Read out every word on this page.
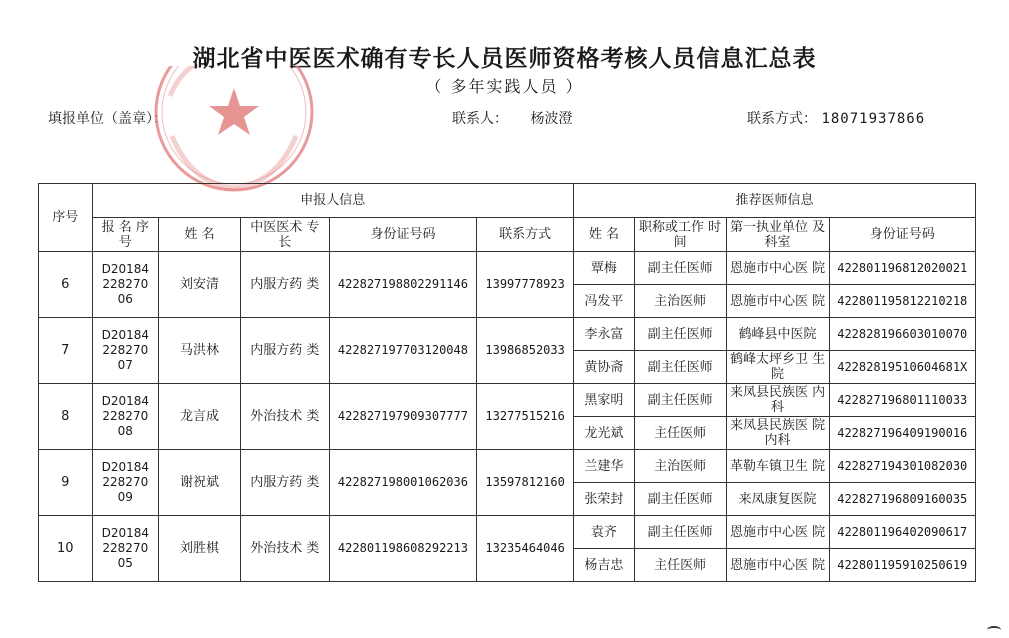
湖北省中医医术确有专长人员医师资格考核人员信息汇总表
（ 多年实践人员 ）
填报单位（盖章）：	联系人： 杨波澄	联系方式： 18071937866
序号	申报人信息					推荐医师信息			
	报 名 序 号	姓 名	中医医术 专 长	身份证号码	联系方式	姓 名	职称或工作 时间	第一执业单位 及科室	身份证号码
6	D20184 228270 06	刘安清	内服方药 类	422827198802291146	13997778923	覃梅	副主任医师	恩施市中心医 院	422801196812020021
						冯发平	主治医师	恩施市中心医 院	422801195812210218
7	D20184 228270 07	马洪林	内服方药 类	422827197703120048	13986852033	李永富	副主任医师	鹤峰县中医院	422828196603010070
						黄协斋	副主任医师	鹤峰太坪乡卫 生院	42282819510604681X
8	D20184 228270 08	龙言成	外治技术 类	422827197909307777	13277515216	黑家明	副主任医师	来凤县民族医 内科	422827196801110033
						龙光斌	主任医师	来凤县民族医 院内科	422827196409190016
9	D20184 228270 09	谢祝斌	内服方药 类	422827198001062036	13597812160	兰建华	主治医师	革勒车镇卫生 院	422827194301082030
						张荣封	副主任医师	来凤康复医院	422827196809160035
10	D20184 228270 05	刘胜棋	外治技术 类	422801198608292213	13235464046	袁齐	副主任医师	恩施市中心医 院	422801196402090617
						杨吉忠	主任医师	恩施市中心医 院	422801195910250619
